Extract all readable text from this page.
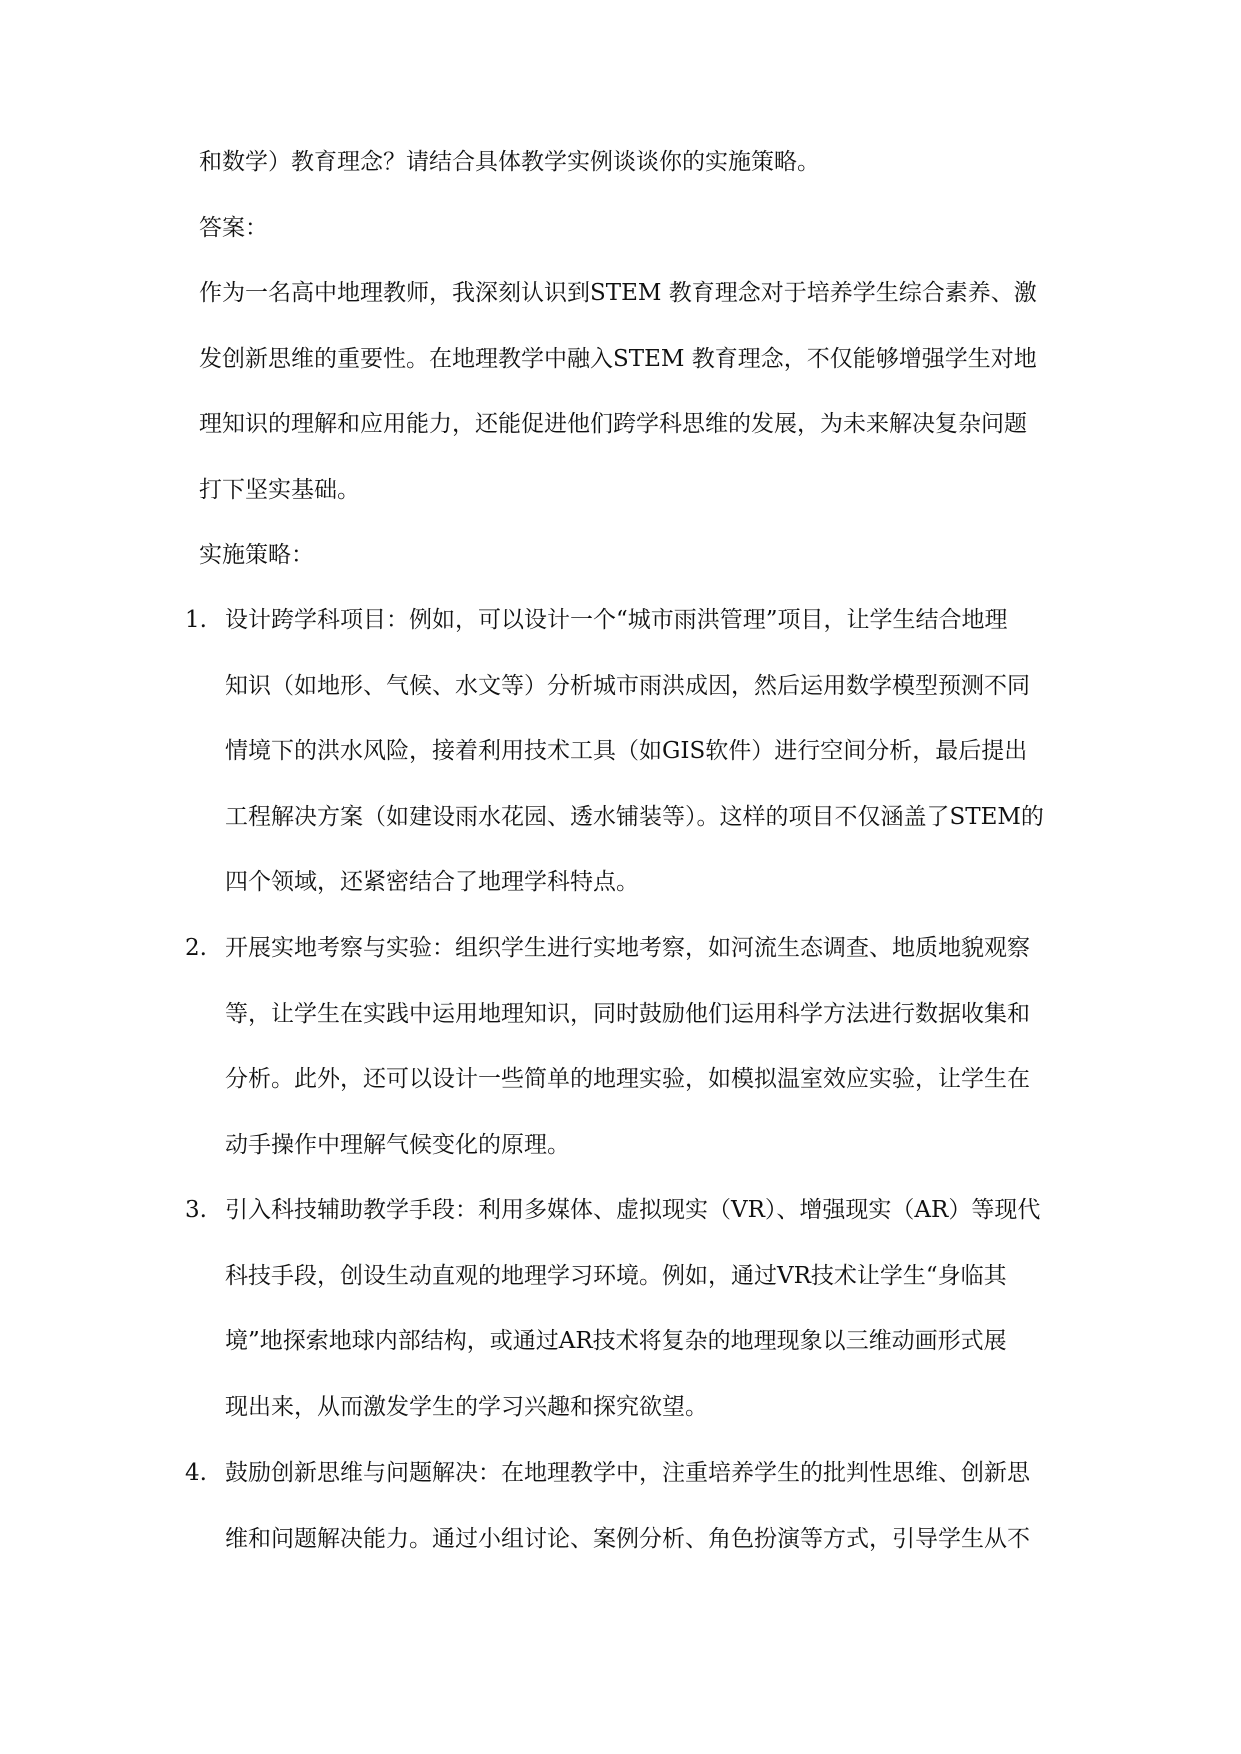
和数学）教育理念？请结合具体教学实例谈谈你的实施策略。
答案：
作为一名高中地理教师，我深刻认识到STEM 教育理念对于培养学生综合素养、激
发创新思维的重要性。在地理教学中融入STEM 教育理念，不仅能够增强学生对地
理知识的理解和应用能力，还能促进他们跨学科思维的发展，为未来解决复杂问题
打下坚实基础。
实施策略：
1. 设计跨学科项目：例如，可以设计一个“城市雨洪管理”项目，让学生结合地理
知识（如地形、气候、水文等）分析城市雨洪成因，然后运用数学模型预测不同
情境下的洪水风险，接着利用技术工具（如GIS软件）进行空间分析，最后提出
工程解决方案（如建设雨水花园、透水铺装等）。这样的项目不仅涵盖了STEM的
四个领域，还紧密结合了地理学科特点。
2. 开展实地考察与实验：组织学生进行实地考察，如河流生态调查、地质地貌观察
等，让学生在实践中运用地理知识，同时鼓励他们运用科学方法进行数据收集和
分析。此外，还可以设计一些简单的地理实验，如模拟温室效应实验，让学生在
动手操作中理解气候变化的原理。
3. 引入科技辅助教学手段：利用多媒体、虚拟现实（VR）、增强现实（AR）等现代
科技手段，创设生动直观的地理学习环境。例如，通过VR技术让学生“身临其
境”地探索地球内部结构，或通过AR技术将复杂的地理现象以三维动画形式展
现出来，从而激发学生的学习兴趣和探究欲望。
4. 鼓励创新思维与问题解决：在地理教学中，注重培养学生的批判性思维、创新思
维和问题解决能力。通过小组讨论、案例分析、角色扮演等方式，引导学生从不
